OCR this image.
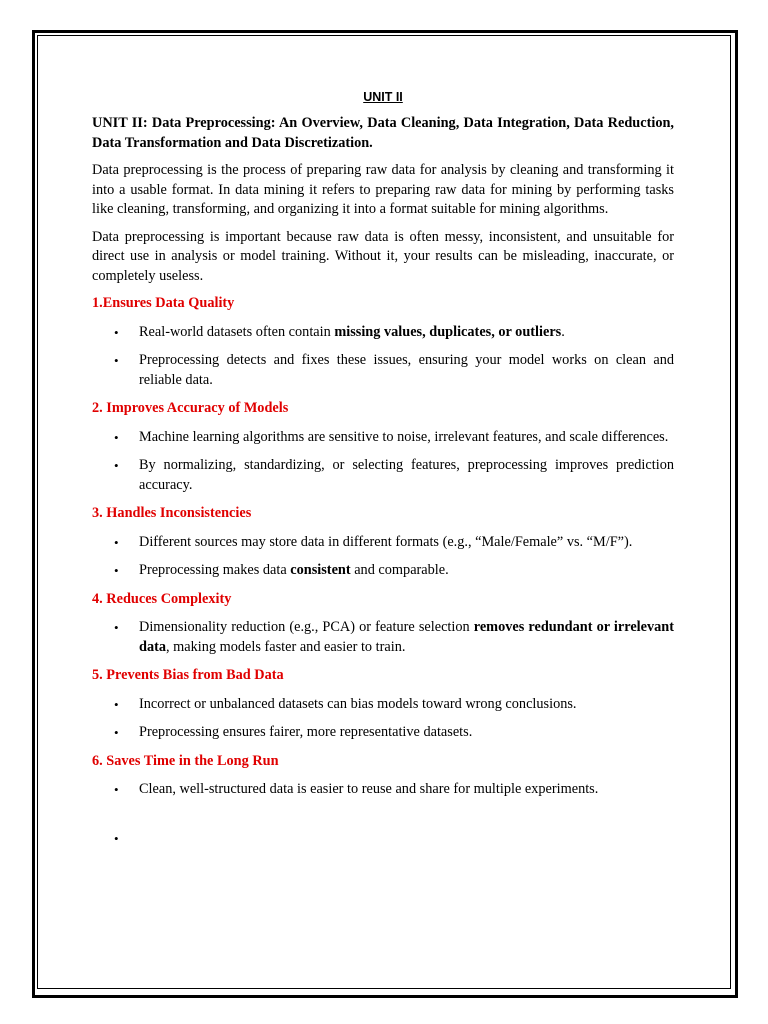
UNIT II

UNIT II: Data Preprocessing: An Overview, Data Cleaning, Data Integration, Data Reduction, Data Transformation and Data Discretization.

Data preprocessing is the process of preparing raw data for analysis by cleaning and transforming it into a usable format. In data mining it refers to preparing raw data for mining by performing tasks like cleaning, transforming, and organizing it into a format suitable for mining algorithms.

Data preprocessing is important because raw data is often messy, inconsistent, and unsuitable for direct use in analysis or model training. Without it, your results can be misleading, inaccurate, or completely useless.

1.Ensures Data Quality
• Real-world datasets often contain missing values, duplicates, or outliers.
• Preprocessing detects and fixes these issues, ensuring your model works on clean and reliable data.
2. Improves Accuracy of Models
• Machine learning algorithms are sensitive to noise, irrelevant features, and scale differences.
• By normalizing, standardizing, or selecting features, preprocessing improves prediction accuracy.
3. Handles Inconsistencies
• Different sources may store data in different formats (e.g., “Male/Female” vs. “M/F”).
• Preprocessing makes data consistent and comparable.
4. Reduces Complexity
• Dimensionality reduction (e.g., PCA) or feature selection removes redundant or irrelevant data, making models faster and easier to train.
5. Prevents Bias from Bad Data
• Incorrect or unbalanced datasets can bias models toward wrong conclusions.
• Preprocessing ensures fairer, more representative datasets.
6. Saves Time in the Long Run
• Clean, well-structured data is easier to reuse and share for multiple experiments.
•
